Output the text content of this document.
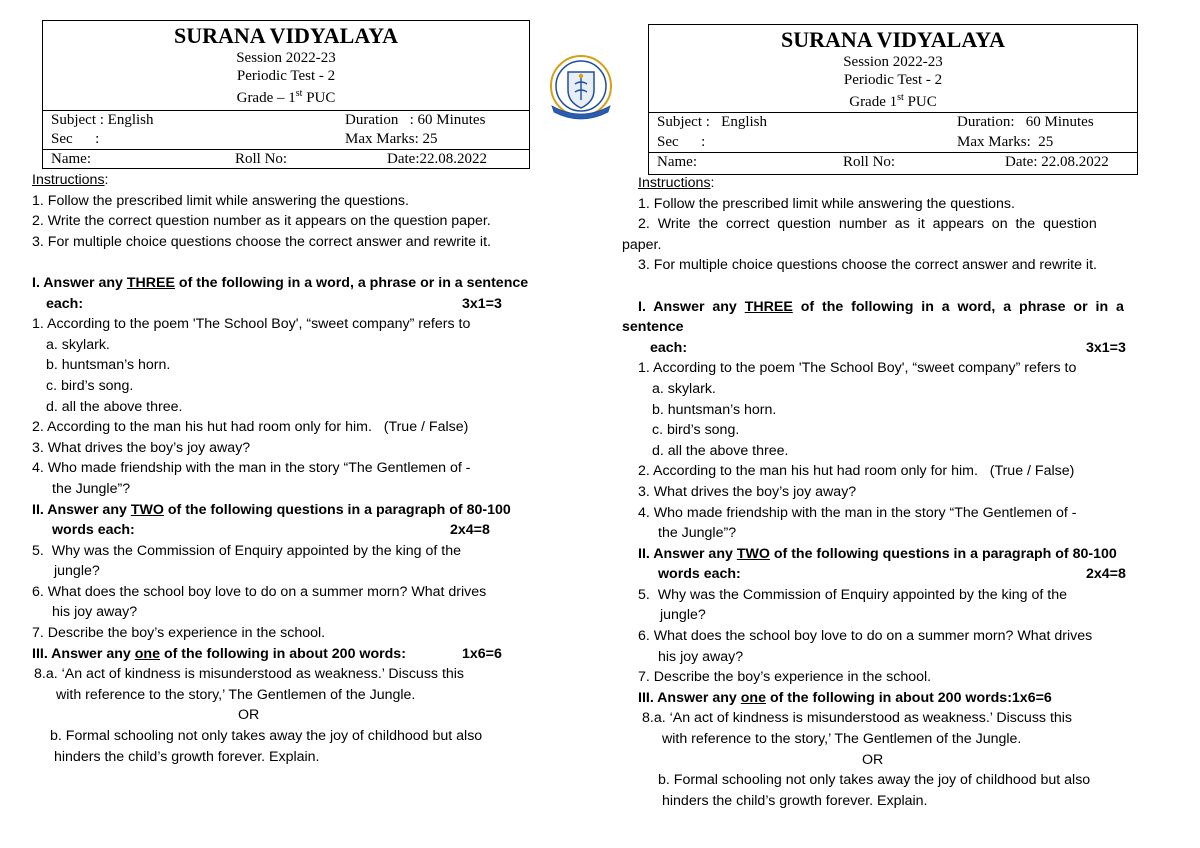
SURANA VIDYALAYA
Session 2022-23
Periodic Test - 2
Grade – 1st PUC
Subject : English	Duration   : 60 Minutes
Sec      :	Max Marks: 25
Name:	Roll No:	Date:22.08.2022
Instructions:
1. Follow the prescribed limit while answering the questions.
2. Write the correct question number as it appears on the question paper.
3. For multiple choice questions choose the correct answer and rewrite it.
I. Answer any THREE of the following in a word, a phrase or in a sentence
each:	3x1=3
1. According to the poem 'The School Boy', “sweet company” refers to
a. skylark.
b. huntsman’s horn.
c. bird’s song.
d. all the above three.
2. According to the man his hut had room only for him.   (True / False)
3. What drives the boy’s joy away?
4. Who made friendship with the man in the story “The Gentlemen of -
the Jungle”?
II. Answer any TWO of the following questions in a paragraph of 80-100
words each:	2x4=8
5.  Why was the Commission of Enquiry appointed by the king of the
jungle?
6. What does the school boy love to do on a summer morn? What drives
his joy away?
7. Describe the boy’s experience in the school.
III. Answer any one of the following in about 200 words:	1x6=6
8.a. ‘An act of kindness is misunderstood as weakness.’ Discuss this
with reference to the story,’ The Gentlemen of the Jungle.
OR
b. Formal schooling not only takes away the joy of childhood but also
hinders the child’s growth forever. Explain.
SURANA VIDYALAYA
Session 2022-23
Periodic Test - 2
Grade 1st PUC
Subject :   English	Duration:   60 Minutes
Sec      :	Max Marks:  25
Name:	Roll No:	Date: 22.08.2022
Instructions:
1. Follow the prescribed limit while answering the questions.
2.  Write  the  correct  question  number  as  it  appears  on  the  question
paper.
3. For multiple choice questions choose the correct answer and rewrite it.
I.  Answer  any  THREE  of  the  following  in  a  word,  a  phrase  or  in  a
sentence
each:	3x1=3
1. According to the poem 'The School Boy', “sweet company” refers to
a. skylark.
b. huntsman’s horn.
c. bird’s song.
d. all the above three.
2. According to the man his hut had room only for him.   (True / False)
3. What drives the boy’s joy away?
4. Who made friendship with the man in the story “The Gentlemen of -
the Jungle”?
II. Answer any TWO of the following questions in a paragraph of 80-100
words each:	2x4=8
5.  Why was the Commission of Enquiry appointed by the king of the
jungle?
6. What does the school boy love to do on a summer morn? What drives
his joy away?
7. Describe the boy’s experience in the school.
III. Answer any one of the following in about 200 words:1x6=6
8.a. ‘An act of kindness is misunderstood as weakness.’ Discuss this
with reference to the story,’ The Gentlemen of the Jungle.
OR
b. Formal schooling not only takes away the joy of childhood but also
hinders the child’s growth forever. Explain.
